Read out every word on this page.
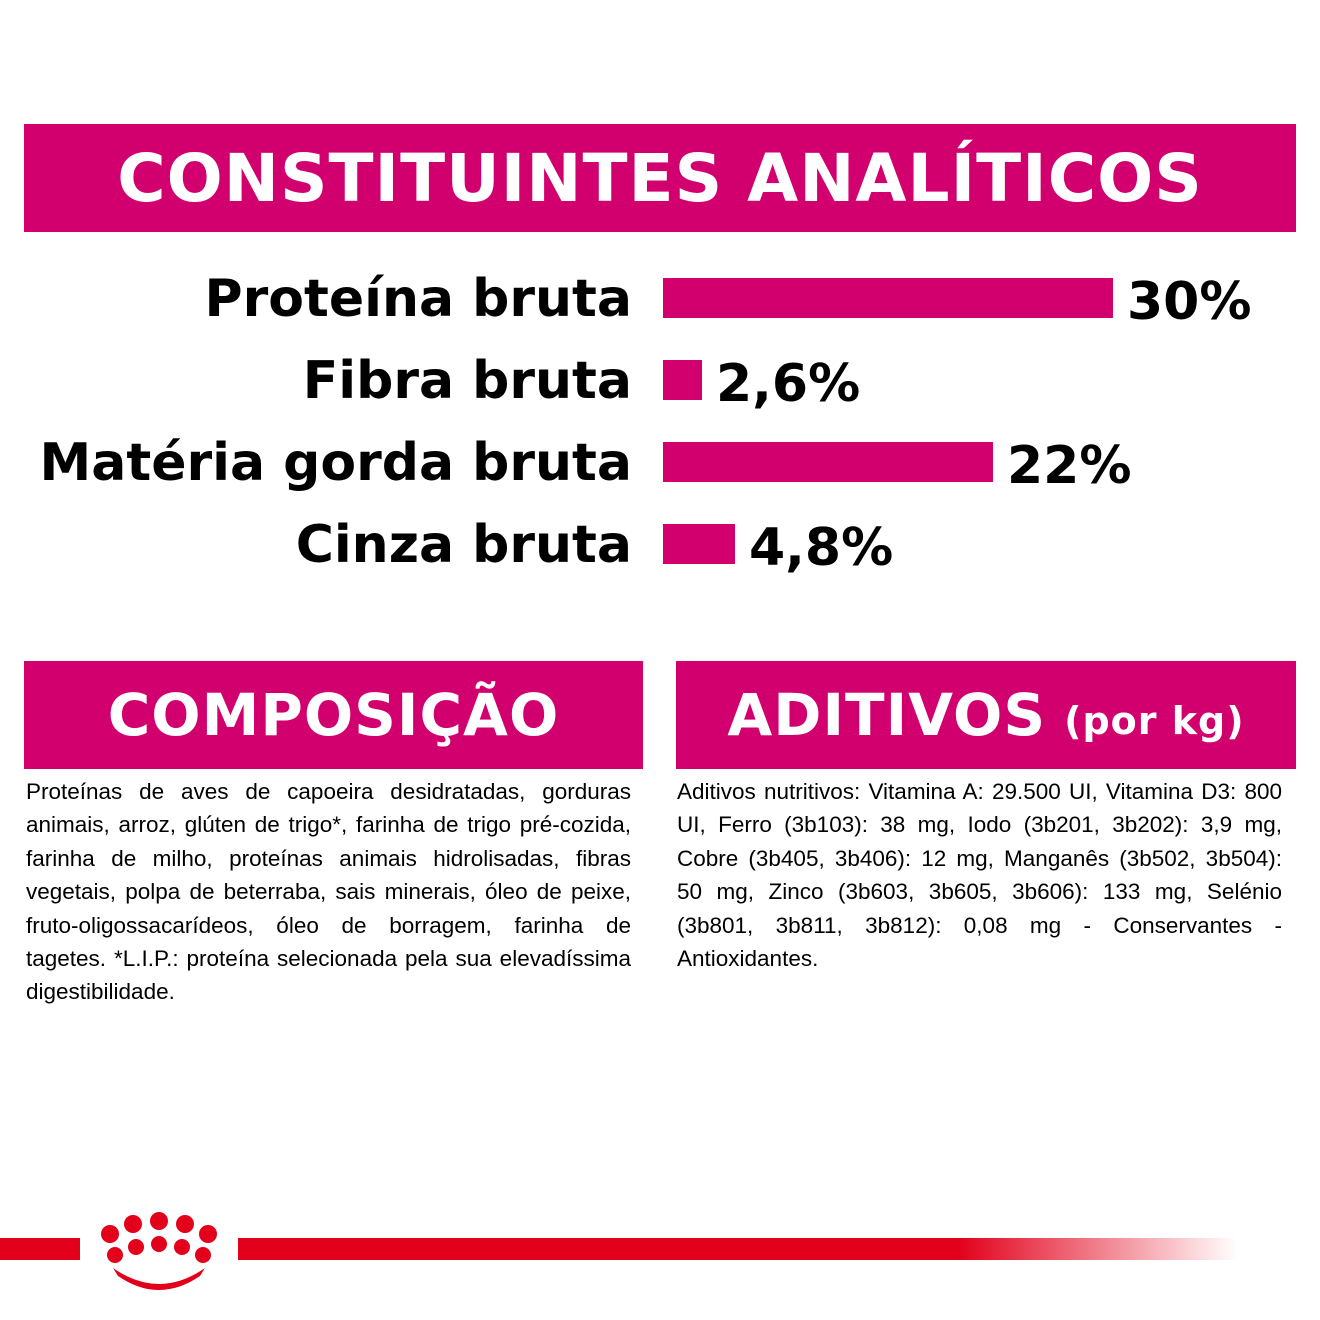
CONSTITUINTES ANALÍTICOS
Proteína bruta	30%
Fibra bruta 2,6%
Matéria gorda bruta	22%
Cinza bruta 4,8%
COMPOSIÇÃO

Proteínas de aves de capoeira desidratadas, gorduras animais, arroz, glúten de trigo*, farinha de trigo pré-cozida, farinha de milho, proteínas animais hidrolisadas, fibras vegetais, polpa de beterraba, sais minerais, óleo de peixe, fruto-oligossacarídeos, óleo de borragem, farinha de tagetes. *L.I.P.: proteína selecionada pela sua elevadíssima digestibilidade.

ADITIVOS (por kg)

Aditivos nutritivos: Vitamina A: 29.500 UI, Vitamina D3: 800 UI, Ferro (3b103): 38 mg, Iodo (3b201, 3b202): 3,9 mg, Cobre (3b405, 3b406): 12 mg, Manganês (3b502, 3b504): 50 mg, Zinco (3b603, 3b605, 3b606): 133 mg, Selénio (3b801, 3b811, 3b812): 0,08 mg - Conservantes - Antioxidantes.
